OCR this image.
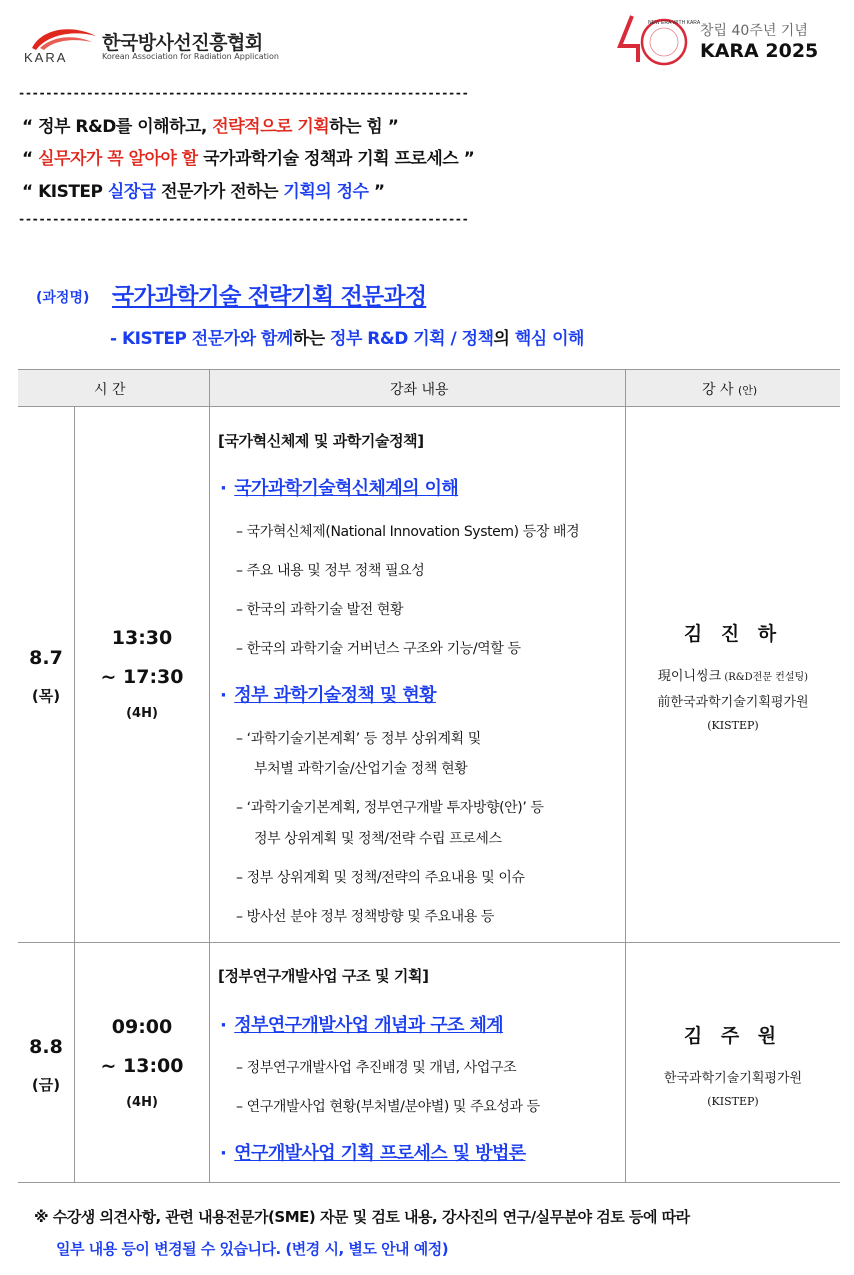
KARA
한국방사선진흥협회
Korean Association for Radiation Application
NEW ERA WITH KARA 창립 40주년 기념
KARA 2025
------------------------------------------------------------------
“ 정부 R&D를 이해하고, 전략적으로 기획하는 힘 ”
“ 실무자가 꼭 알아야 할 국가과학기술 정책과 기획 프로세스 ”
“ KISTEP 실장급 전문가가 전하는 기획의 정수 ”
------------------------------------------------------------------
(과정명) 국가과학기술 전략기획 전문과정
- KISTEP 전문가와 함께하는 정부 R&D 기획 / 정책의 핵심 이해
시 간	강좌 내용	강 사 (안)
8.7
(목)
13:30
~ 17:30
(4H)
[국가혁신체제 및 과학기술정책]
· 국가과학기술혁신체계의 이해
– 국가혁신체제(National Innovation System) 등장 배경
– 주요 내용 및 정부 정책 필요성
– 한국의 과학기술 발전 현황
– 한국의 과학기술 거버넌스 구조와 기능/역할 등
· 정부 과학기술정책 및 현황
– ‘과학기술기본계획’ 등 정부 상위계획 및
부처별 과학기술/산업기술 정책 현황
– ‘과학기술기본계획, 정부연구개발 투자방향(안)’ 등
정부 상위계획 및 정책/전략 수립 프로세스
– 정부 상위계획 및 정책/전략의 주요내용 및 이슈
– 방사선 분야 정부 정책방향 및 주요내용 등
김 진 하
現이니씽크 (R&D전문 컨설팅)
前한국과학기술기획평가원
(KISTEP)
8.8
(금)
09:00
~ 13:00
(4H)
[정부연구개발사업 구조 및 기획]
· 정부연구개발사업 개념과 구조 체계
– 정부연구개발사업 추진배경 및 개념, 사업구조
– 연구개발사업 현황(부처별/분야별) 및 주요성과 등
· 연구개발사업 기획 프로세스 및 방법론
김 주 원
한국과학기술기획평가원
(KISTEP)
※ 수강생 의견사항, 관련 내용전문가(SME) 자문 및 검토 내용, 강사진의 연구/실무분야 검토 등에 따라
일부 내용 등이 변경될 수 있습니다. (변경 시, 별도 안내 예정)
